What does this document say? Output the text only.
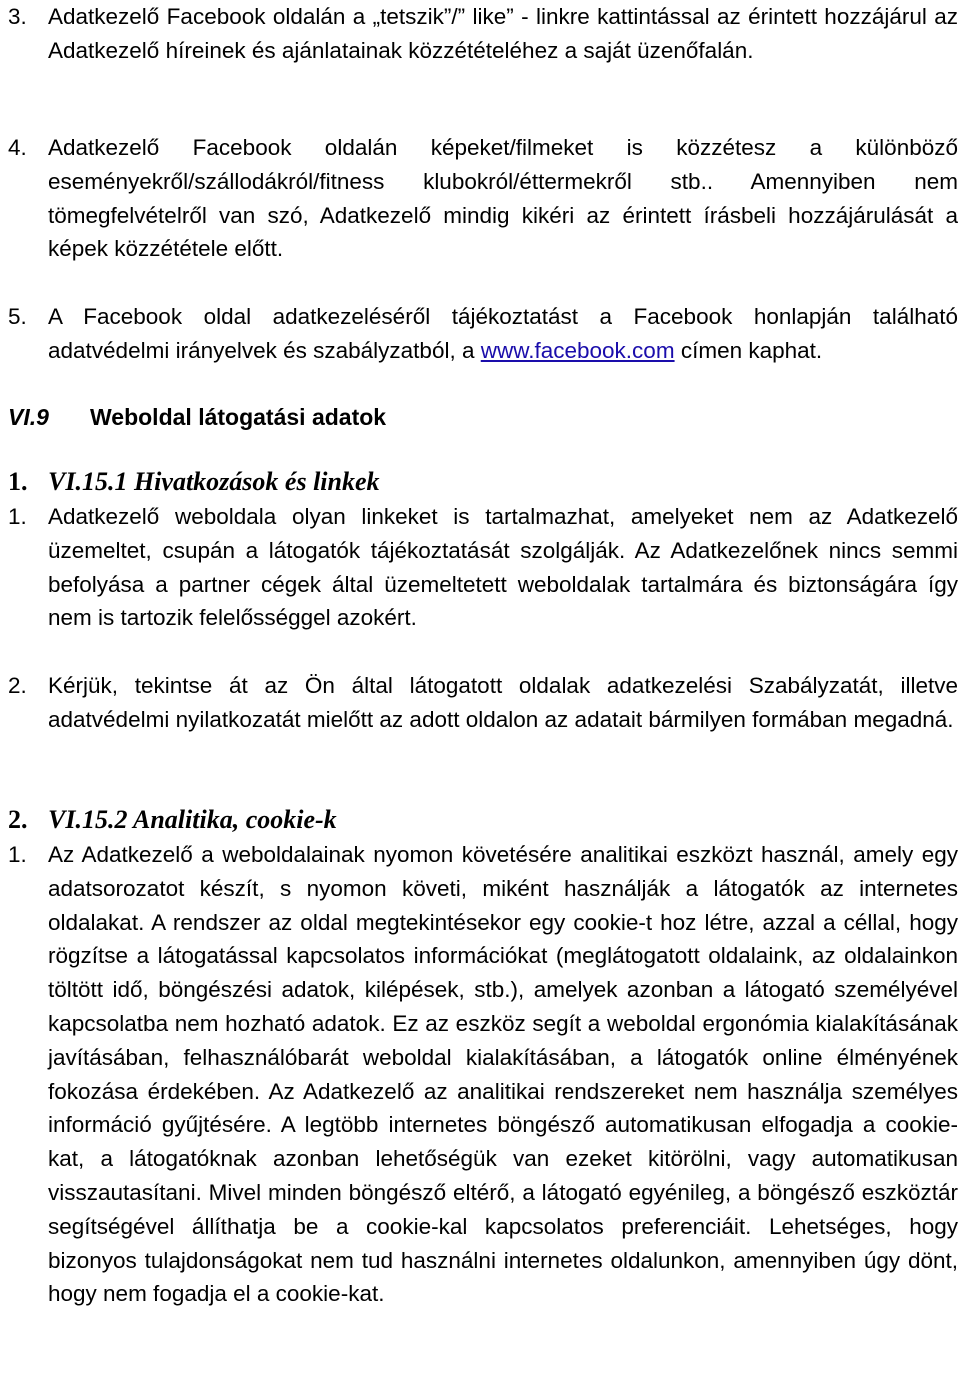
3. Adatkezelő Facebook oldalán a „tetszik”/” like” - linkre kattintással az érintett hozzájárul az Adatkezelő híreinek és ajánlatainak közzétételéhez a saját üzenőfalán.

4. Adatkezelő Facebook oldalán képeket/filmeket is közzétesz a különböző eseményekről/szállodákról/fitness klubokról/éttermekről stb.. Amennyiben nem tömegfelvételről van szó, Adatkezelő mindig kikéri az érintett írásbeli hozzájárulását a képek közzététele előtt.

5. A Facebook oldal adatkezeléséről tájékoztatást a Facebook honlapján található adatvédelmi irányelvek és szabályzatból, a www.facebook.com címen kaphat.

VI.9 Weboldal látogatási adatok
1. VI.15.1 Hivatkozások és linkek

1. Adatkezelő weboldala olyan linkeket is tartalmazhat, amelyeket nem az Adatkezelő üzemeltet, csupán a látogatók tájékoztatását szolgálják. Az Adatkezelőnek nincs semmi befolyása a partner cégek által üzemeltetett weboldalak tartalmára és biztonságára így nem is tartozik felelősséggel azokért.

2. Kérjük, tekintse át az Ön által látogatott oldalak adatkezelési Szabályzatát, illetve adatvédelmi nyilatkozatát mielőtt az adott oldalon az adatait bármilyen formában megadná.

2. VI.15.2 Analitika, cookie-k

1. Az Adatkezelő a weboldalainak nyomon követésére analitikai eszközt használ, amely egy adatsorozatot készít, s nyomon követi, miként használják a látogatók az internetes oldalakat. A rendszer az oldal megtekintésekor egy cookie-t hoz létre, azzal a céllal, hogy rögzítse a látogatással kapcsolatos információkat (meglátogatott oldalaink, az oldalainkon töltött idő, böngészési adatok, kilépések, stb.), amelyek azonban a látogató személyével kapcsolatba nem hozható adatok. Ez az eszköz segít a weboldal ergonómia kialakításának javításában, felhasználóbarát weboldal kialakításában, a látogatók online élményének fokozása érdekében. Az Adatkezelő az analitikai rendszereket nem használja személyes információ gyűjtésére. A legtöbb internetes böngésző automatikusan elfogadja a cookie-kat, a látogatóknak azonban lehetőségük van ezeket kitörölni, vagy automatikusan visszautasítani. Mivel minden böngésző eltérő, a látogató egyénileg, a böngésző eszköztár segítségével állíthatja be a cookie-kal kapcsolatos preferenciáit. Lehetséges, hogy bizonyos tulajdonságokat nem tud használni internetes oldalunkon, amennyiben úgy dönt, hogy nem fogadja el a cookie-kat.
